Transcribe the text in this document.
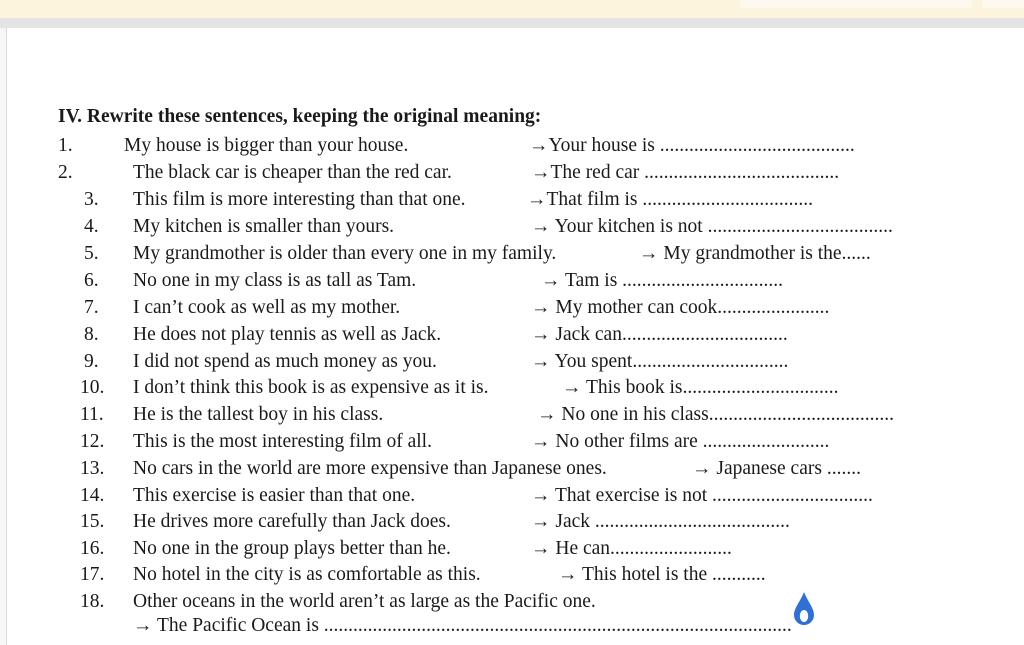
IV. Rewrite these sentences, keeping the original meaning:
1.	My house is bigger than your house.	→Your house is ........................................
2.	The black car is cheaper than the red car.	→The red car ........................................
3. This film is more interesting than that one.	→That film is ...................................
4. My kitchen is smaller than yours.	→ Your kitchen is not ......................................
5. My grandmother is older than every one in my family.	→ My grandmother is the......
6. No one in my class is as tall as Tam.	→ Tam is .................................
7. I can’t cook as well as my mother.	→ My mother can cook.......................
8. He does not play tennis as well as Jack.	→ Jack can..................................
9. I did not spend as much money as you.	→ You spent................................
10. I don’t think this book is as expensive as it is.	→ This book is................................
11. He is the tallest boy in his class.	→ No one in his class......................................
12. This is the most interesting film of all.	→ No other films are ..........................
13. No cars in the world are more expensive than Japanese ones.	→ Japanese cars .......
14. This exercise is easier than that one.	→ That exercise is not .................................
15. He drives more carefully than Jack does.	→ Jack ........................................
16. No one in the group plays better than he.	→ He can.........................
17. No hotel in the city is as comfortable as this.	→ This hotel is the ...........
18. Other oceans in the world aren’t as large as the Pacific one.
→ The Pacific Ocean is ................................................................................................
